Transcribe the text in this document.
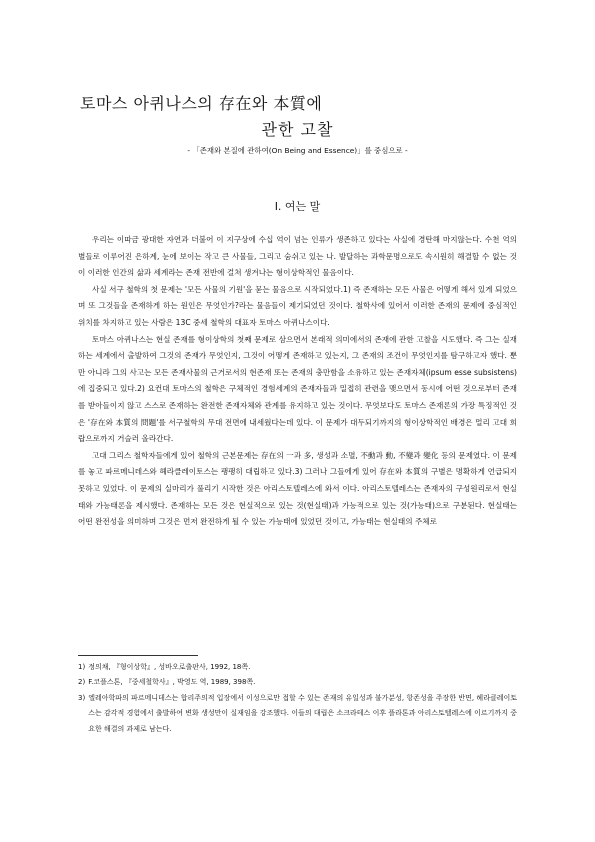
토마스 아퀴나스의 存在와 本質에
관한 고찰
- 「존재와 본질에 관하여(On Being and Essence)」를 중심으로 -
Ⅰ. 여는 말

우리는 이따금 광대한 자연과 더불어 이 지구상에 수십 억이 넘는 인류가 생존하고 있다는 사실에 경탄해 마지않는다. 수천 억의 별들로 이루어진 은하계, 눈에 보이는 작고 큰 사물들, 그리고 숨쉬고 있는 나. 발달하는 과학문명으로도 속시원히 해결할 수 없는 것이 이러한 인간의 삶과 세계라는 존재 전반에 걸쳐 생겨나는 형이상학적인 물음이다.

사실 서구 철학의 첫 문제는 '모든 사물의 기원'을 묻는 물음으로 시작되었다.1) 즉 존재하는 모든 사물은 어떻게 해서 있게 되었으며 또 그것들을 존재하게 하는 원인은 무엇인가?라는 물음들이 제기되었던 것이다. 철학사에 있어서 이러한 존재의 문제에 중심적인 위치를 차지하고 있는 사람은 13C 중세 철학의 대표자 토마스 아퀴나스이다.

토마스 아퀴나스는 현실 존재를 형이상학의 첫째 문제로 삼으면서 본래적 의미에서의 존재에 관한 고찰을 시도했다. 즉 그는 실재하는 세계에서 출발하여 그것의 존재가 무엇인지, 그것이 어떻게 존재하고 있는지, 그 존재의 조건이 무엇인지를 탐구하고자 했다. 뿐만 아니라 그의 사고는 모든 존재사물의 근거로서의 현존재 또는 존재의 충만함을 소유하고 있는 존재자체(ipsum esse subsistens)에 집중되고 있다.2) 요컨대 토마스의 철학은 구체적인 경험세계의 존재자들과 밀접히 관련을 맺으면서 동시에 어떤 것으로부터 존재를 받아들이지 않고 스스로 존재하는 완전한 존재자체와 관계를 유지하고 있는 것이다. 무엇보다도 토마스 존재론의 가장 특징적인 것은 '存在와 本質의 問題'를 서구철학의 무대 전면에 내세웠다는데 있다. 이 문제가 대두되기까지의 형이상학적인 배경은 멀리 고대 희랍으로까지 거슬러 올라간다.

고대 그리스 철학자들에게 있어 철학의 근본문제는 存在의 一과 多, 생성과 소멸, 不動과 動, 不變과 變化 등의 문제였다. 이 문제를 놓고 파르메니데스와 헤라클레이토스는 팽팽히 대립하고 있다.3) 그러나 그들에게 있어 存在와 本質의 구별은 명확하게 언급되지 못하고 있었다. 이 문제의 실마리가 풀리기 시작한 것은 아리스토텔레스에 와서 이다. 아리스토텔레스는 존재자의 구성원리로서 현실태와 가능태론을 제시했다. 존재하는 모든 것은 현실적으로 있는 것(현실태)과 가능적으로 있는 것(가능태)으로 구분된다. 현실태는 어떤 완전성을 의미하며 그것은 먼저 완전하게 될 수 있는 가능태에 있었던 것이고, 가능태는 현실태의 주체로

1) 정의채, 『형이상학』, 성바오로출판사, 1992, 18쪽.
2) F.코플스톤, 『중세철학사』, 박영도 역, 1989, 398쪽.
3) 엘레아학파의 파르메니데스는 합리주의적 입장에서 이성으로만 접할 수 있는 존재의 유일성과 불가분성, 항존성을 주장한 반면, 헤라클레이토스는 감각적 경험에서 출발하여 변화 생성만이 실재임을 강조했다. 이들의 대립은 소크라테스 이후 플라톤과 아리스토텔레스에 이르기까지 중요한 해결의 과제로 남는다.
